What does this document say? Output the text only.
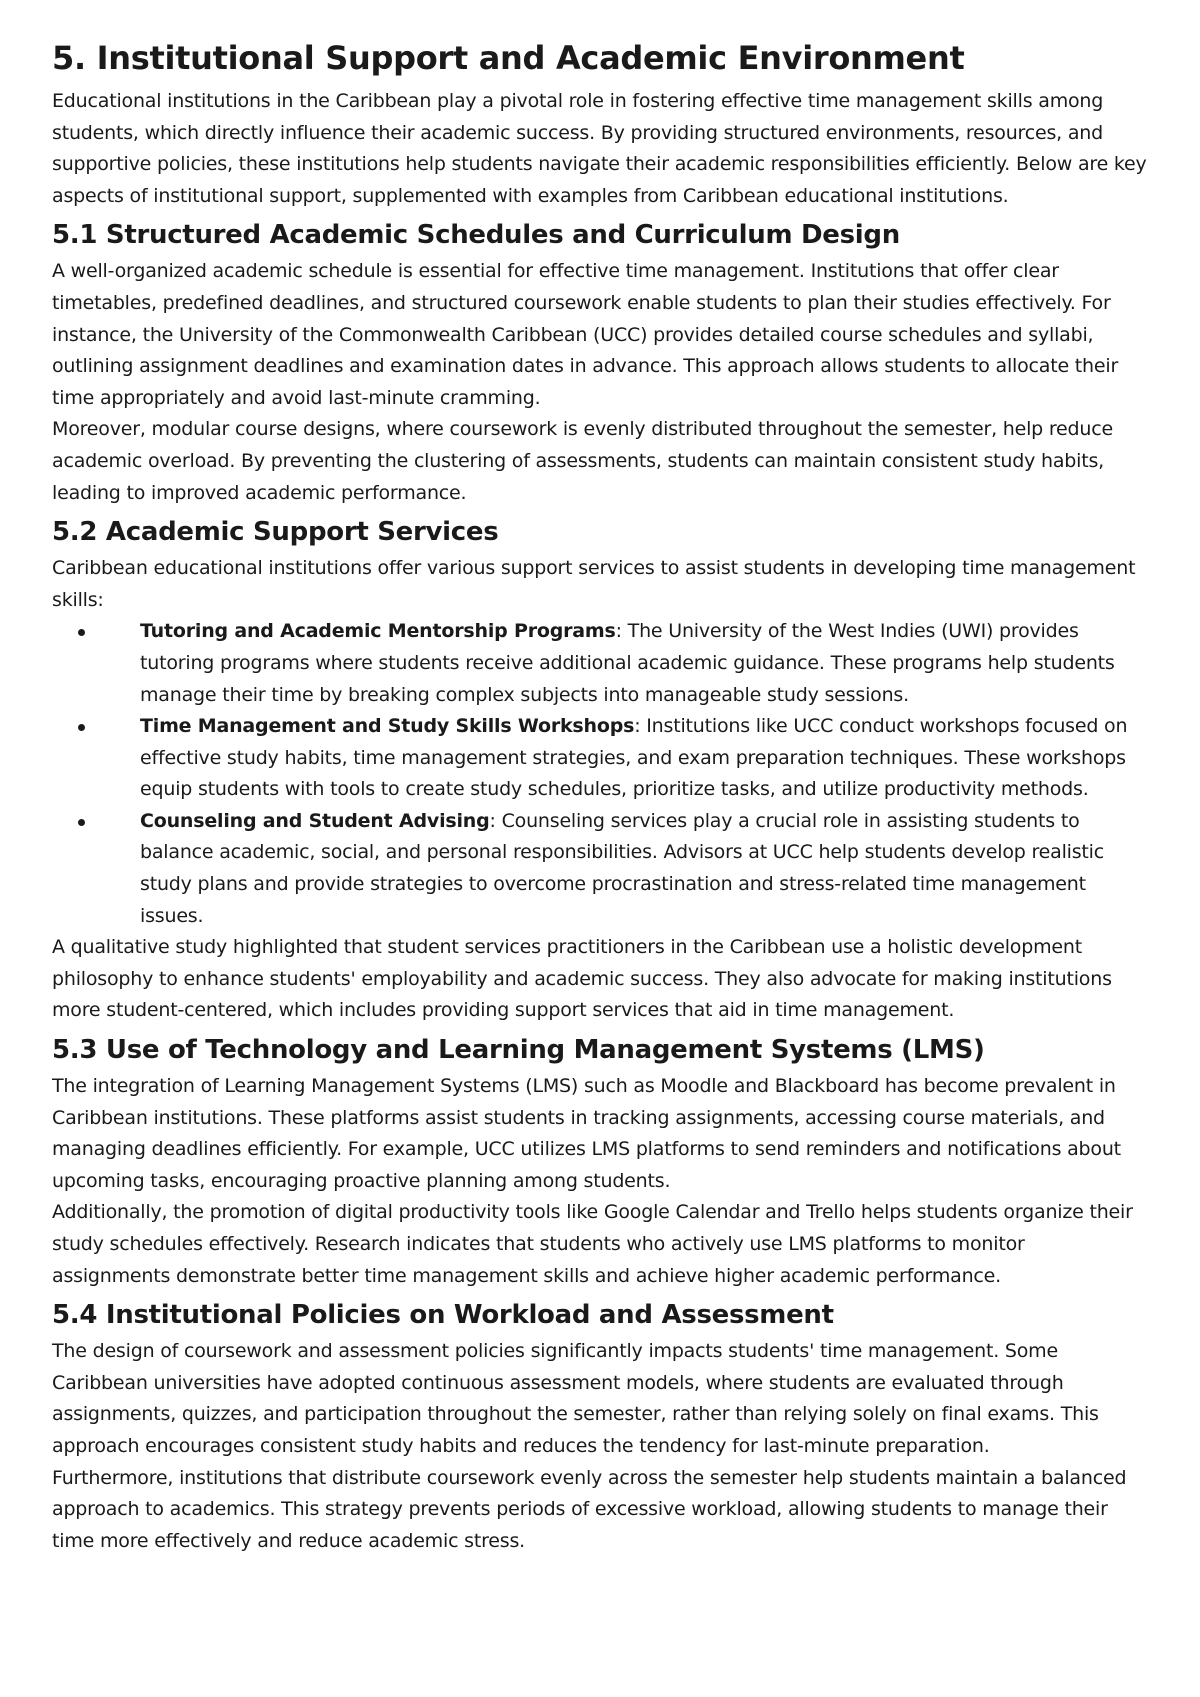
5. Institutional Support and Academic Environment

Educational institutions in the Caribbean play a pivotal role in fostering effective time management skills among students, which directly influence their academic success. By providing structured environments, resources, and supportive policies, these institutions help students navigate their academic responsibilities efficiently. Below are key aspects of institutional support, supplemented with examples from Caribbean educational institutions.

5.1 Structured Academic Schedules and Curriculum Design

A well-organized academic schedule is essential for effective time management. Institutions that offer clear timetables, predefined deadlines, and structured coursework enable students to plan their studies effectively. For instance, the University of the Commonwealth Caribbean (UCC) provides detailed course schedules and syllabi, outlining assignment deadlines and examination dates in advance. This approach allows students to allocate their time appropriately and avoid last-minute cramming.

Moreover, modular course designs, where coursework is evenly distributed throughout the semester, help reduce academic overload. By preventing the clustering of assessments, students can maintain consistent study habits, leading to improved academic performance.

5.2 Academic Support Services

Caribbean educational institutions offer various support services to assist students in developing time management skills:

Tutoring and Academic Mentorship Programs: The University of the West Indies (UWI) provides tutoring programs where students receive additional academic guidance. These programs help students manage their time by breaking complex subjects into manageable study sessions.
Time Management and Study Skills Workshops: Institutions like UCC conduct workshops focused on effective study habits, time management strategies, and exam preparation techniques. These workshops equip students with tools to create study schedules, prioritize tasks, and utilize productivity methods.
Counseling and Student Advising: Counseling services play a crucial role in assisting students to balance academic, social, and personal responsibilities. Advisors at UCC help students develop realistic study plans and provide strategies to overcome procrastination and stress-related time management issues.

A qualitative study highlighted that student services practitioners in the Caribbean use a holistic development philosophy to enhance students' employability and academic success. They also advocate for making institutions more student-centered, which includes providing support services that aid in time management.

5.3 Use of Technology and Learning Management Systems (LMS)

The integration of Learning Management Systems (LMS) such as Moodle and Blackboard has become prevalent in Caribbean institutions. These platforms assist students in tracking assignments, accessing course materials, and managing deadlines efficiently. For example, UCC utilizes LMS platforms to send reminders and notifications about upcoming tasks, encouraging proactive planning among students.

Additionally, the promotion of digital productivity tools like Google Calendar and Trello helps students organize their study schedules effectively. Research indicates that students who actively use LMS platforms to monitor assignments demonstrate better time management skills and achieve higher academic performance.

5.4 Institutional Policies on Workload and Assessment

The design of coursework and assessment policies significantly impacts students' time management. Some Caribbean universities have adopted continuous assessment models, where students are evaluated through assignments, quizzes, and participation throughout the semester, rather than relying solely on final exams. This approach encourages consistent study habits and reduces the tendency for last-minute preparation.

Furthermore, institutions that distribute coursework evenly across the semester help students maintain a balanced approach to academics. This strategy prevents periods of excessive workload, allowing students to manage their time more effectively and reduce academic stress.
